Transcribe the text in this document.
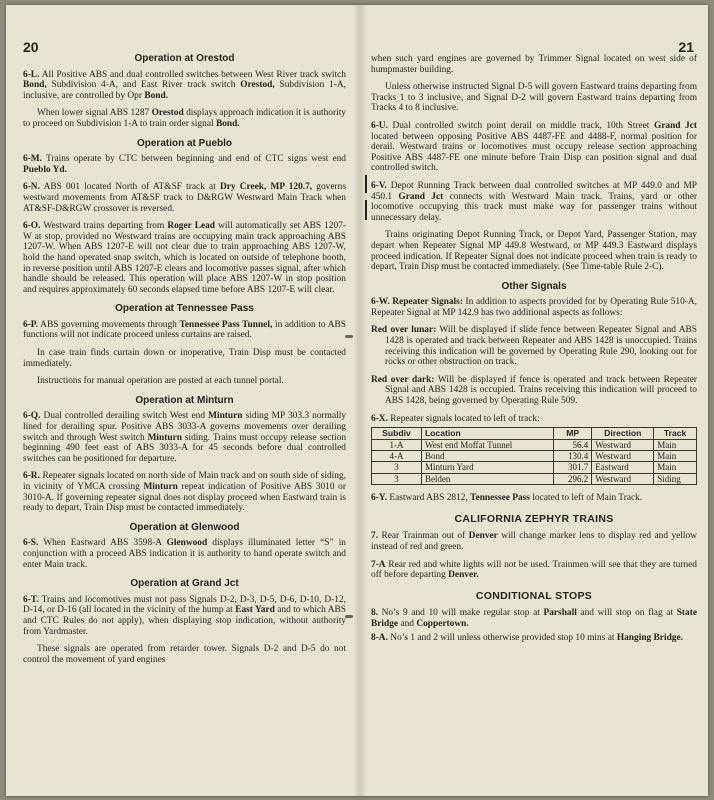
20
Operation at Orestod

6-L. All Positive ABS and dual controlled switches between West River track switch Bond, Subdivision 4-A, and East River track switch Orestod, Subdivision 1-A, inclusive, are controlled by Opr Bond.

When lower signal ABS 1287 Orestod displays approach indication it is authority to proceed on Subdivision 1-A to train order signal Bond.

Operation at Pueblo

6-M. Trains operate by CTC between beginning and end of CTC signs west end Pueblo Yd.

6-N. ABS 001 located North of AT&SF track at Dry Creek, MP 120.7, governs westward movements from AT&SF track to D&RGW Westward Main Track when AT&SF-D&RGW crossover is reversed.

6-O. Westward trains departing from Roger Lead will automatically set ABS 1207-W at stop, provided no Westward trains are occupying main track approaching ABS 1207-W. When ABS 1207-E will not clear due to train approaching ABS 1207-W, hold the hand operated snap switch, which is located on outside of telephone booth, in reverse position until ABS 1207-E clears and locomotive passes signal, after which handle should be released. This operation will place ABS 1207-W in stop position and requires approximately 60 seconds elapsed time before ABS 1207-E will clear.

Operation at Tennessee Pass

6-P. ABS governing movements through Tennessee Pass Tunnel, in addition to ABS functions will not indicate proceed unless curtains are raised.

In case train finds curtain down or inoperative, Train Disp must be contacted immediately.

Instructions for manual operation are posted at each tunnel portal.

Operation at Minturn

6-Q. Dual controlled derailing switch West end Minturn siding MP 303.3 normally lined for derailing spur. Positive ABS 3033-A governs movements over derailing switch and through West switch Minturn siding. Trains must occupy release section beginning 490 feet east of ABS 3033-A for 45 seconds before dual controlled switches can be positioned for departure.

6-R. Repeater signals located on north side of Main track and on south side of siding, in vicinity of YMCA crossing Minturn repeat indication of Positive ABS 3010 or 3010-A. If governing repeater signal does not display proceed when Eastward train is ready to depart, Train Disp must be contacted immediately.

Operation at Glenwood

6-S. When Eastward ABS 3598-A Glenwood displays illuminated letter “S” in conjunction with a proceed ABS indication it is authority to hand operate switch and enter Main track.

Operation at Grand Jct

6-T. Trains and locomotives must not pass Signals D-2, D-3, D-5, D-6, D-10, D-12, D-14, or D-16 (all located in the vicinity of the hump at East Yard and to which ABS and CTC Rules do not apply), when displaying stop indication, without authority from Yardmaster.

These signals are operated from retarder tower. Signals D-2 and D-5 do not control the movement of yard engines

21

when such yard engines are governed by Trimmer Signal located on west side of humpmaster building.

Unless otherwise instructed Signal D-5 will govern Eastward trains departing from Tracks 1 to 3 inclusive, and Signal D-2 will govern Eastward trains departing from Tracks 4 to 8 inclusive.

6-U. Dual controlled switch point derail on middle track, 10th Street Grand Jct located between opposing Positive ABS 4487-FE and 4488-F, normal position for derail. Westward trains or locomotives must occupy release section approaching Positive ABS 4487-FE one minute before Train Disp can position signal and dual controlled switch.

6-V. Depot Running Track between dual controlled switches at MP 449.0 and MP 450.1 Grand Jct connects with Westward Main track. Trains, yard or other locomotive occupying this track must make way for passenger trains without unnecessary delay.

Trains originating Depot Running Track, or Depot Yard, Passenger Station, may depart when Repeater Signal MP 449.8 Westward, or MP 449.3 Eastward displays proceed indication. If Repeater Signal does not indicate proceed when train is ready to depart, Train Disp must be contacted immediately. (See Time-table Rule 2-C).

Other Signals

6-W. Repeater Signals: In addition to aspects provided for by Operating Rule 510-A, Repeater Signal at MP 142.9 has two additional aspects as follows:

Red over lunar: Will be displayed if slide fence between Repeater Signal and ABS 1428 is operated and track between Repeater and ABS 1428 is unoccupied. Trains receiving this indication will be governed by Operating Rule 290, looking out for rocks or other obstruction on track.

Red over dark: Will be displayed if fence is operated and track between Repeater Signal and ABS 1428 is occupied. Trains receiving this indication will proceed to ABS 1428, being governed by Operating Rule 509.

6-X. Repeater signals located to left of track:

Subdiv	Location	MP	Direction	Track
1-A	West end Moffat Tunnel	56.4	Westward	Main
4-A	Bond	130.4	Westward	Main
3	Minturn Yard	301.7	Eastward	Main
3	Belden	296.2	Westward	Siding

6-Y. Eastward ABS 2812, Tennessee Pass located to left of Main Track.

CALIFORNIA ZEPHYR TRAINS

7. Rear Trainman out of Denver will change marker lens to display red and yellow instead of red and green.

7-A Rear red and white lights will not be used. Trainmen will see that they are turned off before departing Denver.

CONDITIONAL STOPS

8. No’s 9 and 10 will make regular stop at Parshall and will stop on flag at State Bridge and Coppertown.

8-A. No’s 1 and 2 will unless otherwise provided stop 10 mins at Hanging Bridge.
